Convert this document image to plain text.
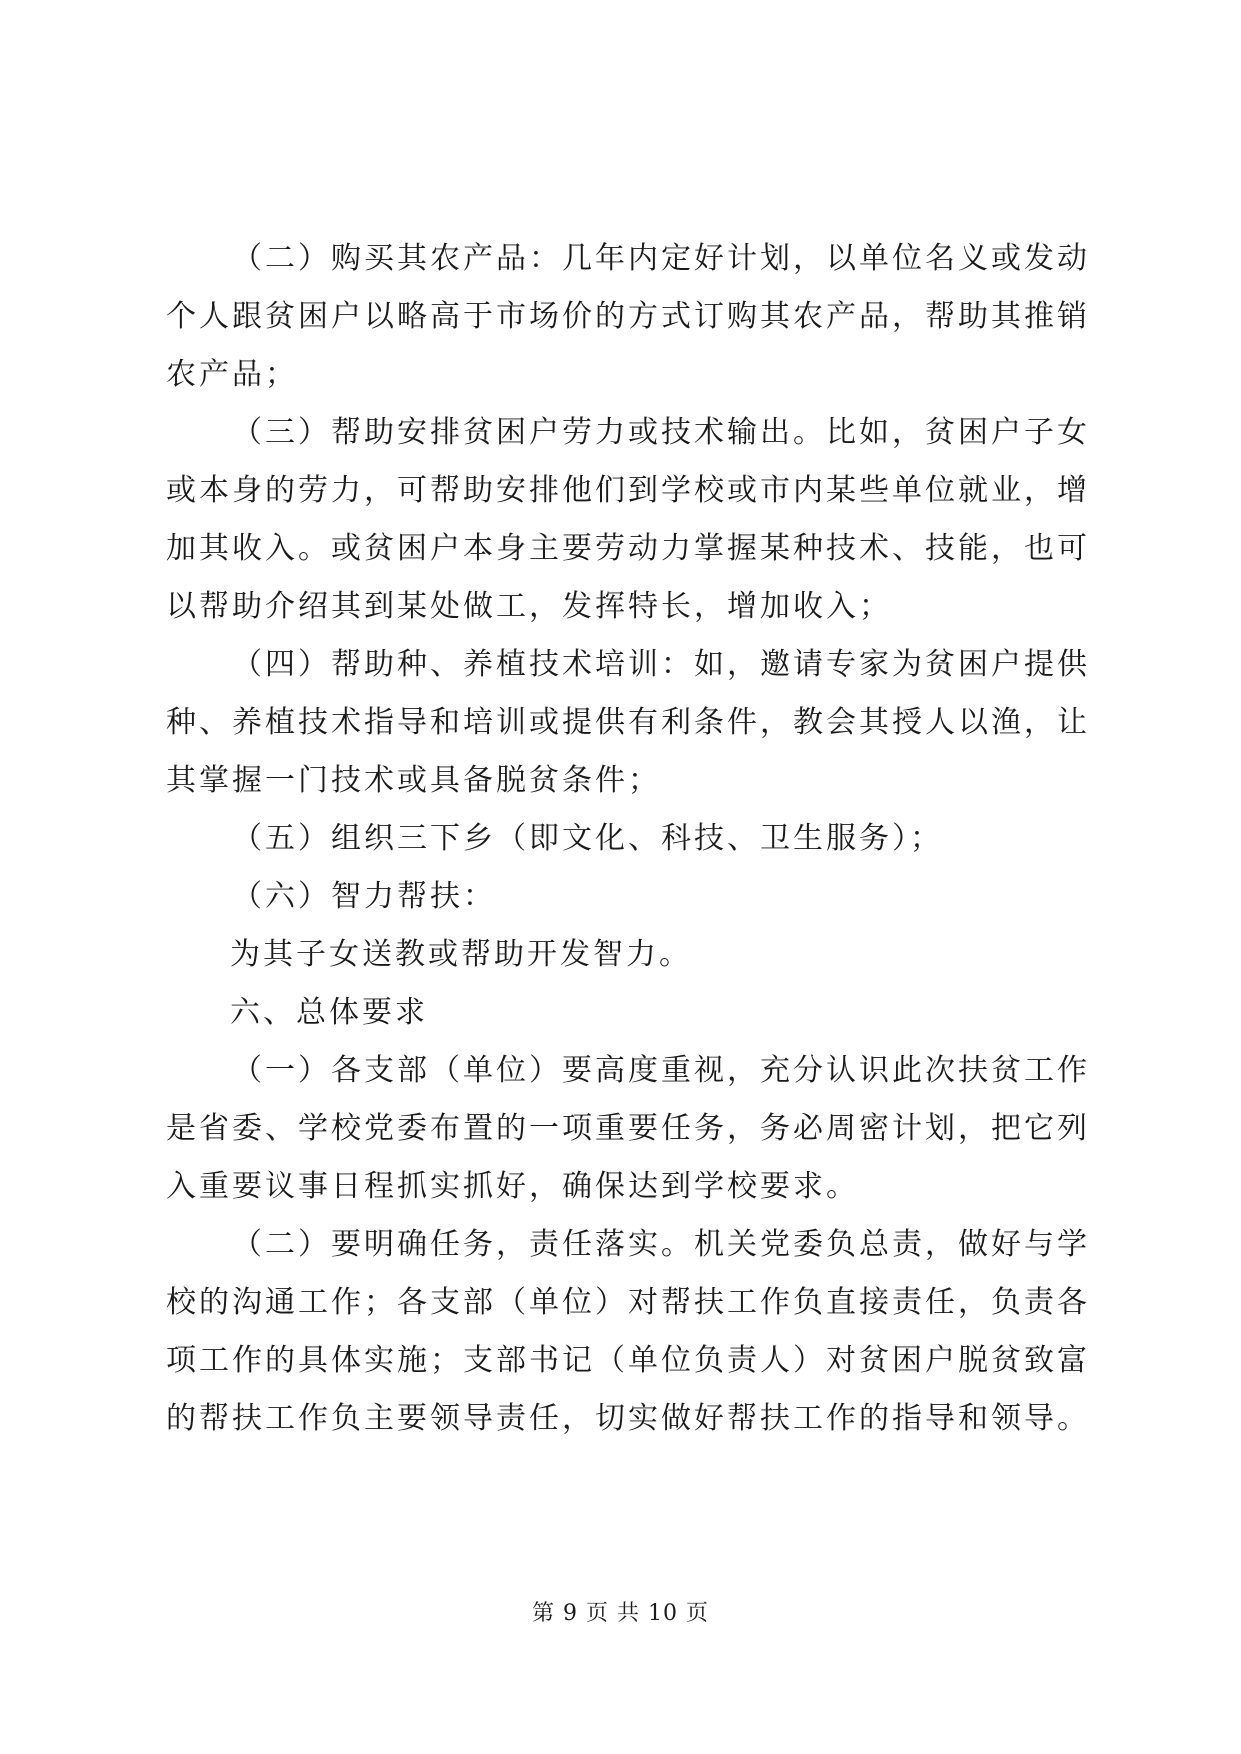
（二）购买其农产品：几年内定好计划，以单位名义或发动
个人跟贫困户以略高于市场价的方式订购其农产品，帮助其推销
农产品；
（三）帮助安排贫困户劳力或技术输出。比如，贫困户子女
或本身的劳力，可帮助安排他们到学校或市内某些单位就业，增
加其收入。或贫困户本身主要劳动力掌握某种技术、技能，也可
以帮助介绍其到某处做工，发挥特长，增加收入；
（四）帮助种、养植技术培训：如，邀请专家为贫困户提供
种、养植技术指导和培训或提供有利条件，教会其授人以渔，让
其掌握一门技术或具备脱贫条件；
（五）组织三下乡（即文化、科技、卫生服务）；
（六）智力帮扶：
为其子女送教或帮助开发智力。
六、总体要求
（一）各支部（单位）要高度重视，充分认识此次扶贫工作
是省委、学校党委布置的一项重要任务，务必周密计划，把它列
入重要议事日程抓实抓好，确保达到学校要求。
（二）要明确任务，责任落实。机关党委负总责，做好与学
校的沟通工作；各支部（单位）对帮扶工作负直接责任，负责各
项工作的具体实施；支部书记（单位负责人）对贫困户脱贫致富
的帮扶工作负主要领导责任，切实做好帮扶工作的指导和领导。
第 9 页 共 10 页
